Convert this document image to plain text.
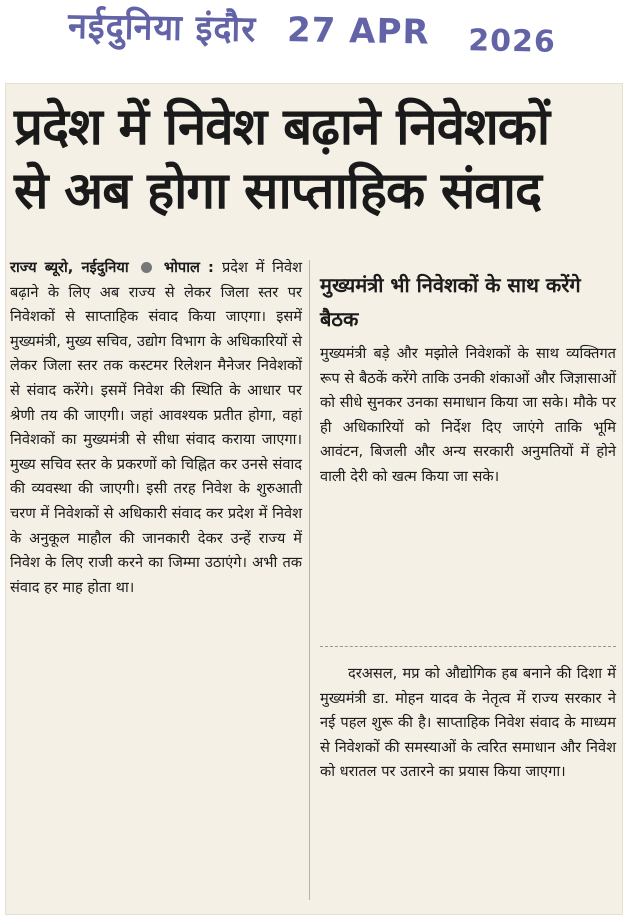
नईदुनिया इंदौर 27 APR 2026
प्रदेश में निवेश बढ़ाने निवेशकों
से अब होगा साप्ताहिक संवाद
राज्य ब्यूरो, नईदुनिया भोपाल : प्रदेश में निवेश बढ़ाने के लिए अब राज्य से लेकर जिला स्तर पर निवेशकों से साप्ताहिक संवाद किया जाएगा। इसमें मुख्यमंत्री, मुख्य सचिव, उद्योग विभाग के अधिकारियों से लेकर जिला स्तर तक कस्टमर रिलेशन मैनेजर निवेशकों से संवाद करेंगे। इसमें निवेश की स्थिति के आधार पर श्रेणी तय की जाएगी। जहां आवश्यक प्रतीत होगा, वहां निवेशकों का मुख्यमंत्री से सीधा संवाद कराया जाएगा। मुख्य सचिव स्तर के प्रकरणों को चिह्नित कर उनसे संवाद की व्यवस्था की जाएगी। इसी तरह निवेश के शुरुआती चरण में निवेशकों से अधिकारी संवाद कर प्रदेश में निवेश के अनुकूल माहौल की जानकारी देकर उन्हें राज्य में निवेश के लिए राजी करने का जिम्मा उठाएंगे। अभी तक संवाद हर माह होता था।
मुख्यमंत्री भी निवेशकों के साथ करेंगे बैठक

मुख्यमंत्री बड़े और मझोले निवेशकों के साथ व्यक्तिगत रूप से बैठकें करेंगे ताकि उनकी शंकाओं और जिज्ञासाओं को सीधे सुनकर उनका समाधान किया जा सके। मौके पर ही अधिकारियों को निर्देश दिए जाएंगे ताकि भूमि आवंटन, बिजली और अन्य सरकारी अनुमतियों में होने वाली देरी को खत्म किया जा सके।

दरअसल, मप्र को औद्योगिक हब बनाने की दिशा में मुख्यमंत्री डा. मोहन यादव के नेतृत्व में राज्य सरकार ने नई पहल शुरू की है। साप्ताहिक निवेश संवाद के माध्यम से निवेशकों की समस्याओं के त्वरित समाधान और निवेश को धरातल पर उतारने का प्रयास किया जाएगा।
